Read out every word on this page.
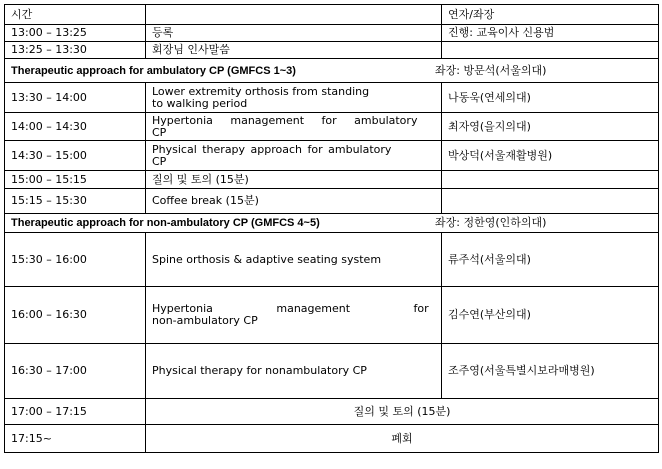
시간		연자/좌장
13:00 – 13:25	등록	진행: 교육이사 신용범
13:25 – 13:30	회장님 인사말씀	

Therapeutic approach for ambulatory CP (GMFCS 1~3) 좌장: 방문석(서울의대)		

13:30 – 14:00	Lower extremity orthosis from standing
to walking period	나동욱(연세의대)
14:00 – 14:30	Hypertonia management for ambulatory
CP	최자영(을지의대)
14:30 – 15:00	Physical therapy approach for ambulatory
CP	박상덕(서울재활병원)
15:00 – 15:15	질의 및 토의 (15분)	
15:15 – 15:30	Coffee break (15분)	

Therapeutic approach for non-ambulatory CP (GMFCS 4~5) 좌장: 정한영(인하의대)		

15:30 – 16:00	Spine orthosis & adaptive seating system	류주석(서울의대)
16:00 – 16:30	Hypertonia management for
non-ambulatory CP	김수연(부산의대)
16:30 – 17:00	Physical therapy for nonambulatory CP	조주영(서울특별시보라매병원)
17:00 – 17:15	질의 및 토의 (15분)	
17:15~	폐회	
